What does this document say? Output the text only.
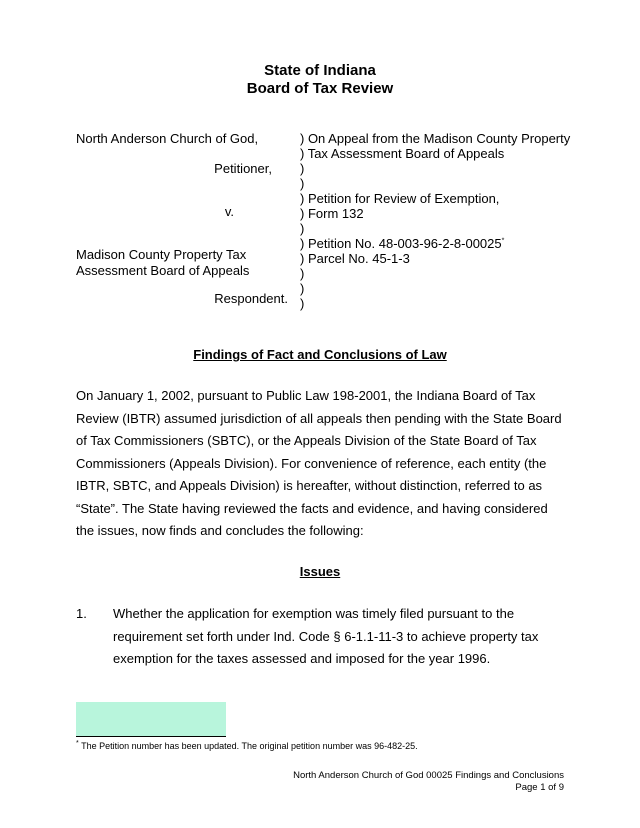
State of Indiana
Board of Tax Review
North Anderson Church of God,
Petitioner,
v.
Madison County Property Tax
Assessment Board of Appeals
Respondent.
) On Appeal from the Madison County Property
) Tax Assessment Board of Appeals
)
)
) Petition for Review of Exemption,
) Form 132
)
) Petition No. 48-003-96-2-8-00025*
) Parcel No. 45-1-3
)
)
)
Findings of Fact and Conclusions of Law
On January 1, 2002, pursuant to Public Law 198-2001, the Indiana Board of Tax Review (IBTR) assumed jurisdiction of all appeals then pending with the State Board of Tax Commissioners (SBTC), or the Appeals Division of the State Board of Tax Commissioners (Appeals Division). For convenience of reference, each entity (the IBTR, SBTC, and Appeals Division) is hereafter, without distinction, referred to as “State”. The State having reviewed the facts and evidence, and having considered the issues, now finds and concludes the following:
Issues
1. Whether the application for exemption was timely filed pursuant to the requirement set forth under Ind. Code § 6-1.1-11-3 to achieve property tax exemption for the taxes assessed and imposed for the year 1996.
* The Petition number has been updated. The original petition number was 96-482-25.
North Anderson Church of God 00025 Findings and Conclusions
Page 1 of 9
